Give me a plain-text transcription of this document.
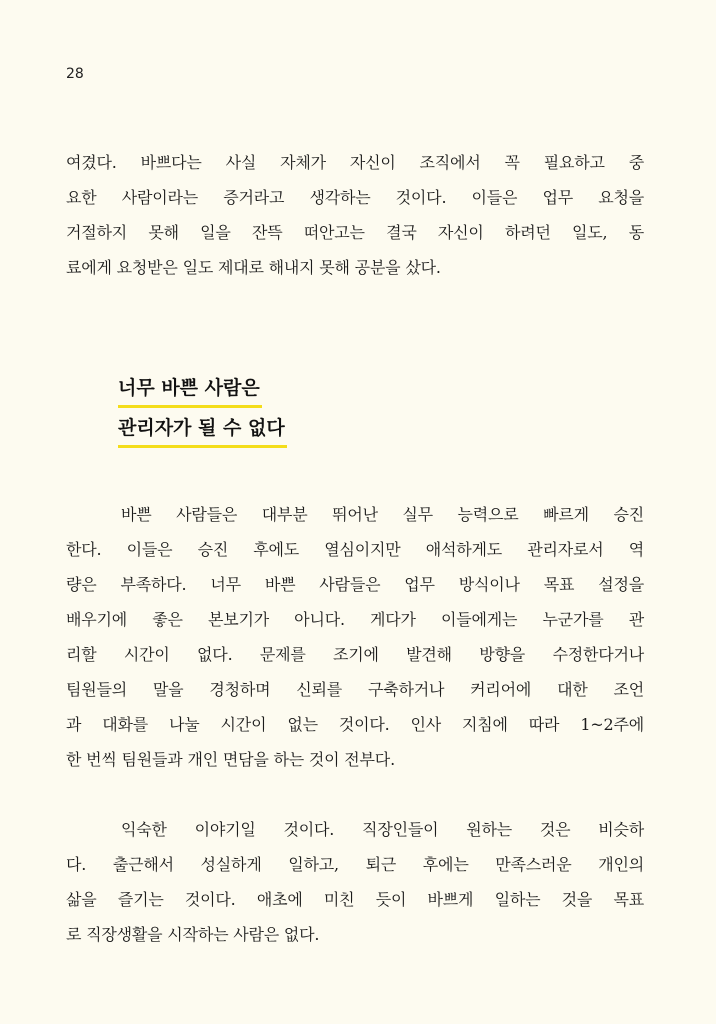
28
여겼다. 바쁘다는 사실 자체가 자신이 조직에서 꼭 필요하고 중
요한 사람이라는 증거라고 생각하는 것이다. 이들은 업무 요청을
거절하지 못해 일을 잔뜩 떠안고는 결국 자신이 하려던 일도, 동
료에게 요청받은 일도 제대로 해내지 못해 공분을 샀다.
너무 바쁜 사람은
관리자가 될 수 없다
바쁜 사람들은 대부분 뛰어난 실무 능력으로 빠르게 승진
한다. 이들은 승진 후에도 열심이지만 애석하게도 관리자로서 역
량은 부족하다. 너무 바쁜 사람들은 업무 방식이나 목표 설정을
배우기에 좋은 본보기가 아니다. 게다가 이들에게는 누군가를 관
리할 시간이 없다. 문제를 조기에 발견해 방향을 수정한다거나
팀원들의 말을 경청하며 신뢰를 구축하거나 커리어에 대한 조언
과 대화를 나눌 시간이 없는 것이다. 인사 지침에 따라 1~2주에
한 번씩 팀원들과 개인 면담을 하는 것이 전부다.
익숙한 이야기일 것이다. 직장인들이 원하는 것은 비슷하
다. 출근해서 성실하게 일하고, 퇴근 후에는 만족스러운 개인의
삶을 즐기는 것이다. 애초에 미친 듯이 바쁘게 일하는 것을 목표
로 직장생활을 시작하는 사람은 없다.
